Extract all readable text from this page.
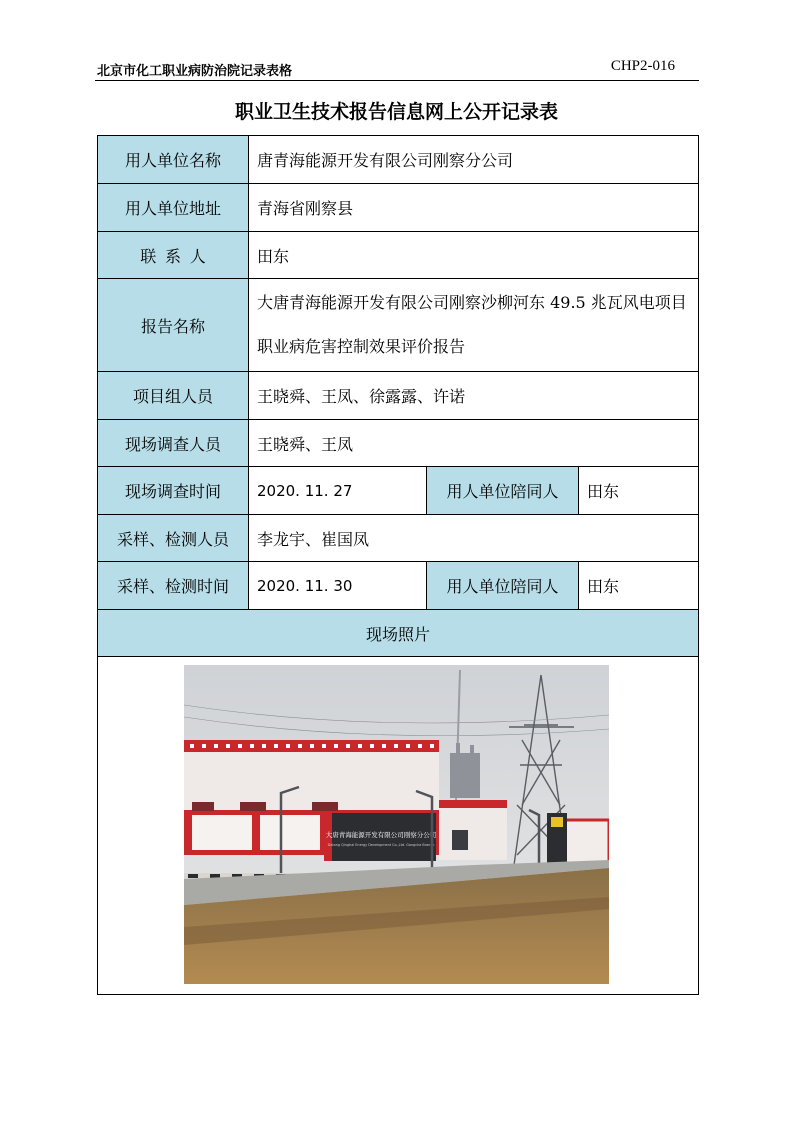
北京市化工职业病防治院记录表格	CHP2-016
职业卫生技术报告信息网上公开记录表
用人单位名称	唐青海能源开发有限公司刚察分公司		
用人单位地址	青海省刚察县		
联系人	田东		
报告名称	大唐青海能源开发有限公司刚察沙柳河东 49.5 兆瓦风电项目职业病危害控制效果评价报告		
项目组人员	王晓舜、王凤、徐露露、许诺		
现场调查人员	王晓舜、王凤		
现场调查时间	2020. 11. 27	用人单位陪同人	田东
采样、检测人员	李龙宇、崔国凤		
采样、检测时间	2020. 11. 30	用人单位陪同人	田东
现场照片			

大唐青海能源开发有限公司刚察分公司
Datang Qinghai Energy Development Co.,Ltd. Gangcha Branch			
